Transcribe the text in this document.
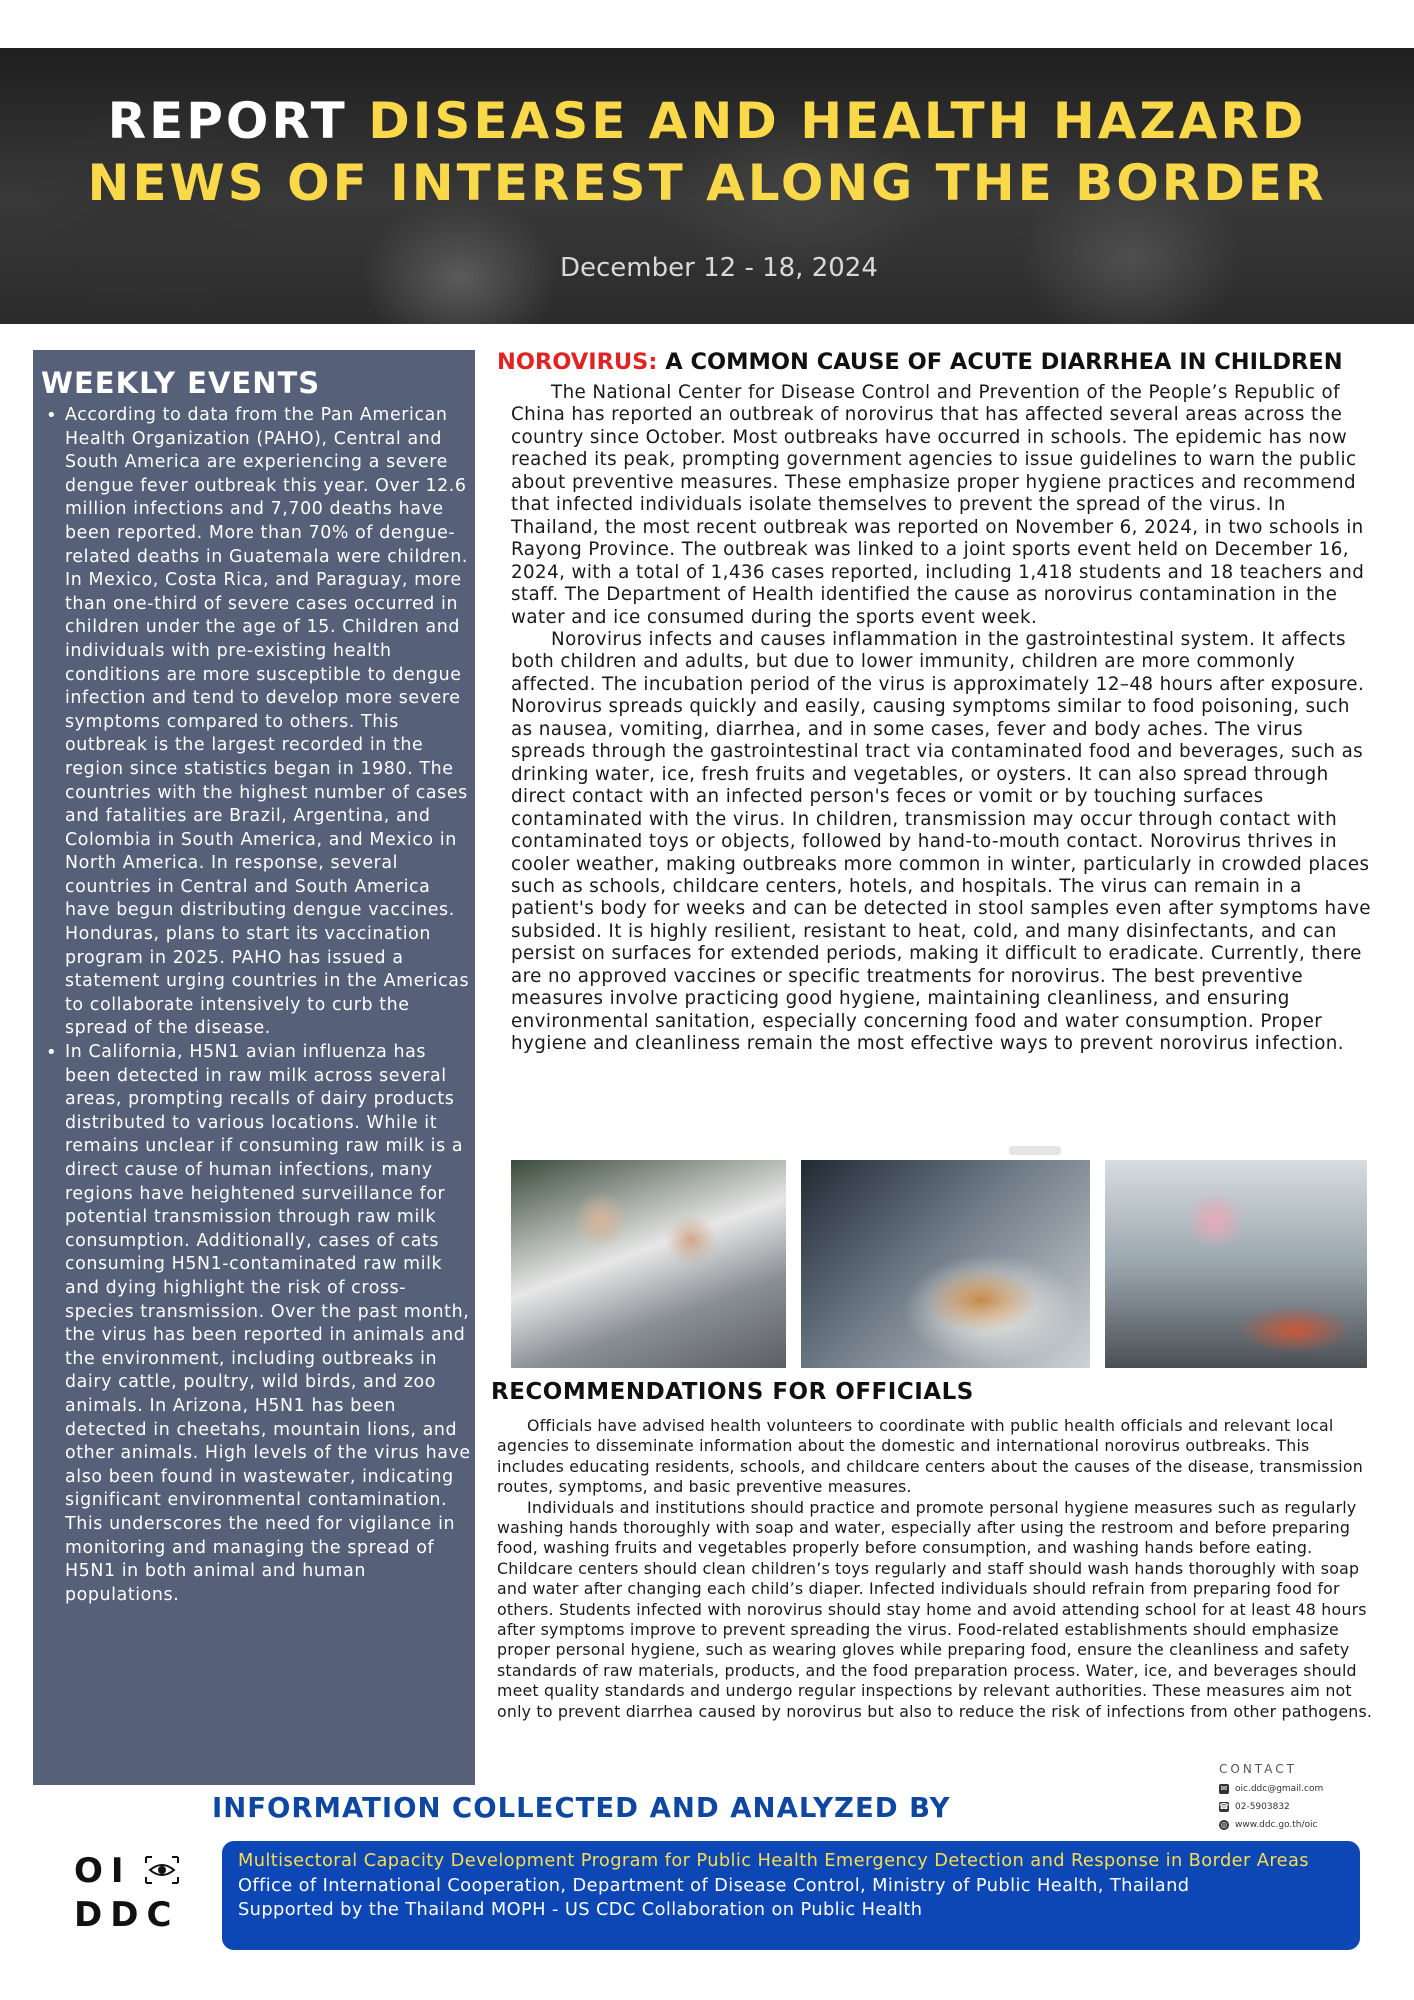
REPORT DISEASE AND HEALTH HAZARD
NEWS OF INTEREST ALONG THE BORDER
December 12 - 18, 2024
WEEKLY EVENTS
• According to data from the Pan American Health Organization (PAHO), Central and South America are experiencing a severe dengue fever outbreak this year. Over 12.6 million infections and 7,700 deaths have been reported. More than 70% of dengue-related deaths in Guatemala were children. In Mexico, Costa Rica, and Paraguay, more than one-third of severe cases occurred in children under the age of 15. Children and individuals with pre-existing health conditions are more susceptible to dengue infection and tend to develop more severe symptoms compared to others. This outbreak is the largest recorded in the region since statistics began in 1980. The countries with the highest number of cases and fatalities are Brazil, Argentina, and Colombia in South America, and Mexico in North America. In response, several countries in Central and South America have begun distributing dengue vaccines. Honduras, plans to start its vaccination program in 2025. PAHO has issued a statement urging countries in the Americas to collaborate intensively to curb the spread of the disease.
• In California, H5N1 avian influenza has been detected in raw milk across several areas, prompting recalls of dairy products distributed to various locations. While it remains unclear if consuming raw milk is a direct cause of human infections, many regions have heightened surveillance for potential transmission through raw milk consumption. Additionally, cases of cats consuming H5N1-contaminated raw milk and dying highlight the risk of cross-species transmission. Over the past month, the virus has been reported in animals and the environment, including outbreaks in dairy cattle, poultry, wild birds, and zoo animals. In Arizona, H5N1 has been detected in cheetahs, mountain lions, and other animals. High levels of the virus have also been found in wastewater, indicating significant environmental contamination. This underscores the need for vigilance in monitoring and managing the spread of H5N1 in both animal and human populations.
NOROVIRUS: A COMMON CAUSE OF ACUTE DIARRHEA IN CHILDREN

The National Center for Disease Control and Prevention of the People’s Republic of China has reported an outbreak of norovirus that has affected several areas across the country since October. Most outbreaks have occurred in schools. The epidemic has now reached its peak, prompting government agencies to issue guidelines to warn the public about preventive measures. These emphasize proper hygiene practices and recommend that infected individuals isolate themselves to prevent the spread of the virus. In Thailand, the most recent outbreak was reported on November 6, 2024, in two schools in Rayong Province. The outbreak was linked to a joint sports event held on December 16, 2024, with a total of 1,436 cases reported, including 1,418 students and 18 teachers and staff. The Department of Health identified the cause as norovirus contamination in the water and ice consumed during the sports event week.

Norovirus infects and causes inflammation in the gastrointestinal system. It affects both children and adults, but due to lower immunity, children are more commonly affected. The incubation period of the virus is approximately 12–48 hours after exposure. Norovirus spreads quickly and easily, causing symptoms similar to food poisoning, such as nausea, vomiting, diarrhea, and in some cases, fever and body aches. The virus spreads through the gastrointestinal tract via contaminated food and beverages, such as drinking water, ice, fresh fruits and vegetables, or oysters. It can also spread through direct contact with an infected person's feces or vomit or by touching surfaces contaminated with the virus. In children, transmission may occur through contact with contaminated toys or objects, followed by hand-to-mouth contact. Norovirus thrives in cooler weather, making outbreaks more common in winter, particularly in crowded places such as schools, childcare centers, hotels, and hospitals. The virus can remain in a patient's body for weeks and can be detected in stool samples even after symptoms have subsided. It is highly resilient, resistant to heat, cold, and many disinfectants, and can persist on surfaces for extended periods, making it difficult to eradicate. Currently, there are no approved vaccines or specific treatments for norovirus. The best preventive measures involve practicing good hygiene, maintaining cleanliness, and ensuring environmental sanitation, especially concerning food and water consumption. Proper hygiene and cleanliness remain the most effective ways to prevent norovirus infection.

RECOMMENDATIONS FOR OFFICIALS

Officials have advised health volunteers to coordinate with public health officials and relevant local agencies to disseminate information about the domestic and international norovirus outbreaks. This includes educating residents, schools, and childcare centers about the causes of the disease, transmission routes, symptoms, and basic preventive measures.

Individuals and institutions should practice and promote personal hygiene measures such as regularly washing hands thoroughly with soap and water, especially after using the restroom and before preparing food, washing fruits and vegetables properly before consumption, and washing hands before eating. Childcare centers should clean children’s toys regularly and staff should wash hands thoroughly with soap and water after changing each child’s diaper. Infected individuals should refrain from preparing food for others. Students infected with norovirus should stay home and avoid attending school for at least 48 hours after symptoms improve to prevent spreading the virus. Food-related establishments should emphasize proper personal hygiene, such as wearing gloves while preparing food, ensure the cleanliness and safety standards of raw materials, products, and the food preparation process. Water, ice, and beverages should meet quality standards and undergo regular inspections by relevant authorities. These measures aim not only to prevent diarrhea caused by norovirus but also to reduce the risk of infections from other pathogens.

CONTACT
✉ oic.ddc@gmail.com
☎ 02-5903832
◎ www.ddc.go.th/oic
INFORMATION COLLECTED AND ANALYZED BY
OI
DDC
Multisectoral Capacity Development Program for Public Health Emergency Detection and Response in Border Areas
Office of International Cooperation, Department of Disease Control, Ministry of Public Health, Thailand
Supported by the Thailand MOPH - US CDC Collaboration on Public Health
